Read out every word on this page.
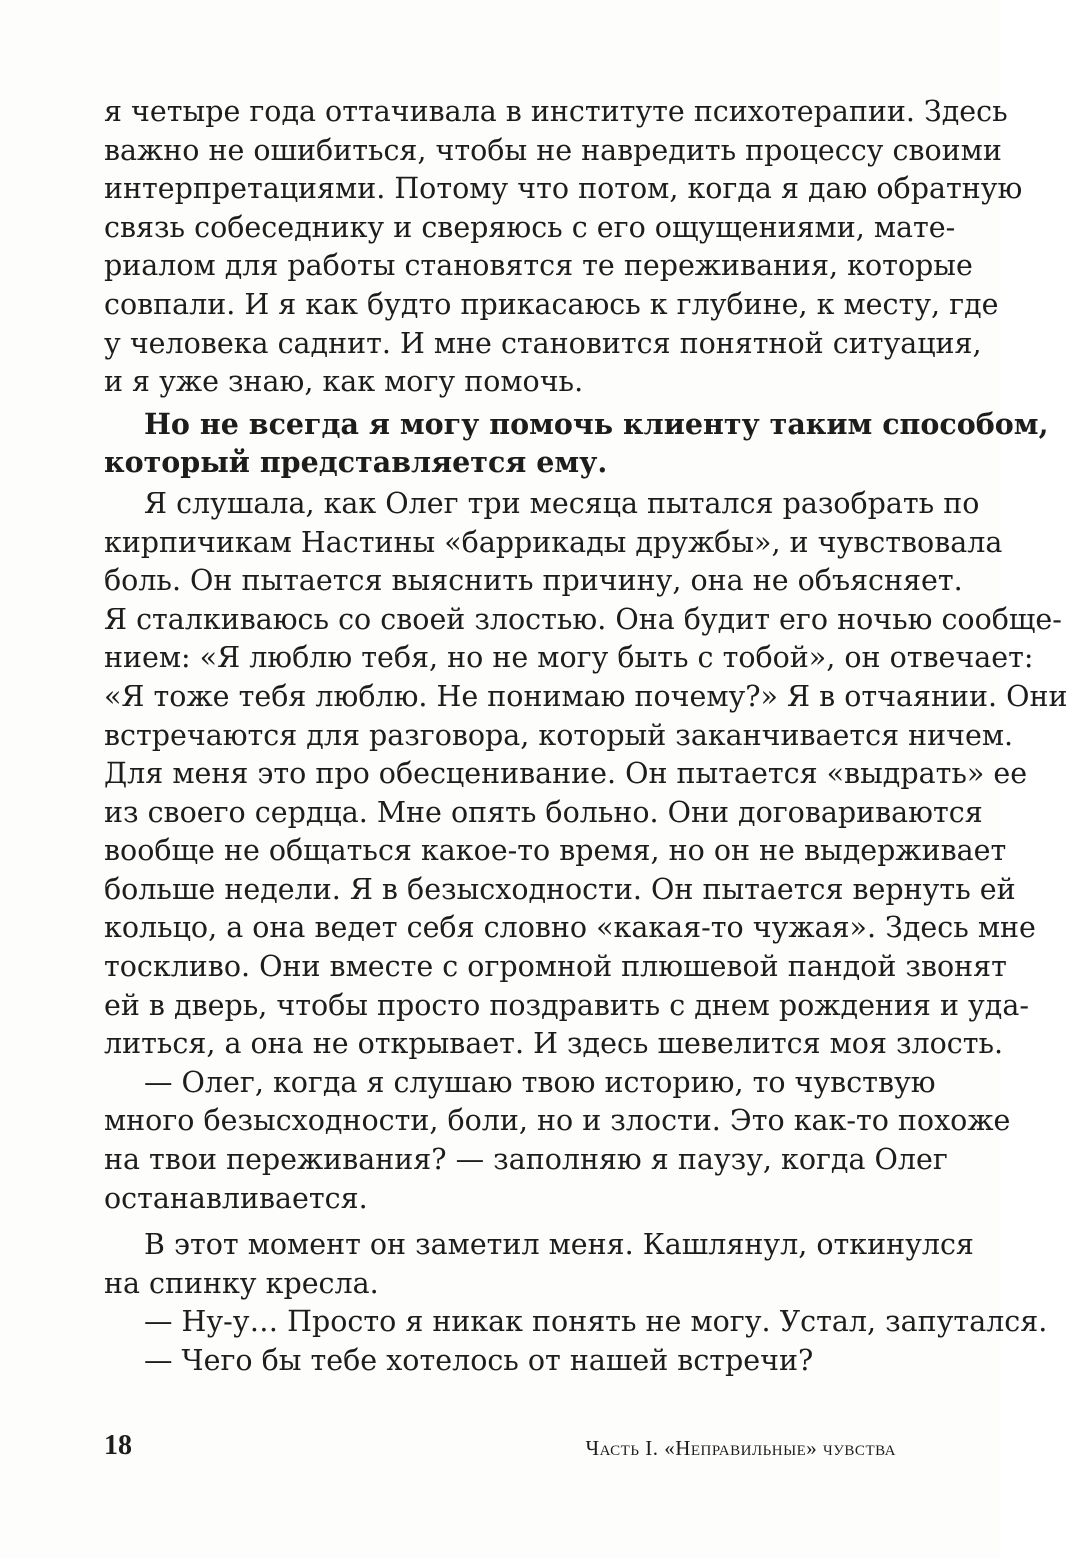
я четыре года оттачивала в институте психотерапии. Здесь
важно не ошибиться, чтобы не навредить процессу своими
интерпретациями. Потому что потом, когда я даю обратную
связь собеседнику и сверяюсь с его ощущениями, мате-
риалом для работы становятся те переживания, которые
совпали. И я как будто прикасаюсь к глубине, к месту, где
у человека саднит. И мне становится понятной ситуация,
и я уже знаю, как могу помочь.
Но не всегда я могу помочь клиенту таким способом,
который представляется ему.
Я слушала, как Олег три месяца пытался разобрать по
кирпичикам Настины «баррикады дружбы», и чувствовала
боль. Он пытается выяснить причину, она не объясняет.
Я сталкиваюсь со своей злостью. Она будит его ночью сообще-
нием: «Я люблю тебя, но не могу быть с тобой», он отвечает:
«Я тоже тебя люблю. Не понимаю почему?» Я в отчаянии. Они
встречаются для разговора, который заканчивается ничем.
Для меня это про обесценивание. Он пытается «выдрать» ее
из своего сердца. Мне опять больно. Они договариваются
вообще не общаться какое-то время, но он не выдерживает
больше недели. Я в безысходности. Он пытается вернуть ей
кольцо, а она ведет себя словно «какая-то чужая». Здесь мне
тоскливо. Они вместе с огромной плюшевой пандой звонят
ей в дверь, чтобы просто поздравить с днем рождения и уда-
литься, а она не открывает. И здесь шевелится моя злость.
— Олег, когда я слушаю твою историю, то чувствую
много безысходности, боли, но и злости. Это как-то похоже
на твои переживания? — заполняю я паузу, когда Олег
останавливается.
В этот момент он заметил меня. Кашлянул, откинулся
на спинку кресла.
— Ну-у… Просто я никак понять не могу. Устал, запутался.
— Чего бы тебе хотелось от нашей встречи?
18	Часть I. «Неправильные» чувства
